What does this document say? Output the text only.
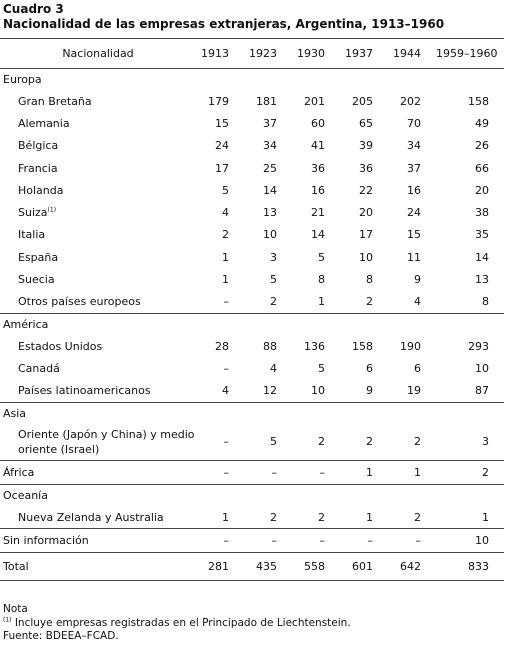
Cuadro 3
Nacionalidad de las empresas extranjeras, Argentina, 1913–1960
Nacionalidad	1913	1923	1930	1937	1944	1959–1960
Europa						
Gran Bretaña	179	181	201	205	202	158
Alemania	15	37	60	65	70	49
Bélgica	24	34	41	39	34	26
Francia	17	25	36	36	37	66
Holanda	5	14	16	22	16	20
Suiza$^{(1)}$	4	13	21	20	24	38
Italia	2	10	14	17	15	35
España	1	3	5	10	11	14
Suecia	1	5	8	8	9	13
Otros países europeos	–	2	1	2	4	8
América						
Estados Unidos	28	88	136	158	190	293
Canadá	–	4	5	6	6	10
Países latinoamericanos	4	12	10	9	19	87
Asia						
Oriente (Japón y China) y medio oriente (Israel)	–	5	2	2	2	3
África	–	–	–	1	1	2
Oceanía						
Nueva Zelanda y Australia	1	2	2	1	2	1
Sin información	–	–	–	–	–	10
Total	281	435	558	601	642	833
Nota
$^{(1)}$ Incluye empresas registradas en el Principado de Liechtenstein.
Fuente: BDEEA–FCAD.
